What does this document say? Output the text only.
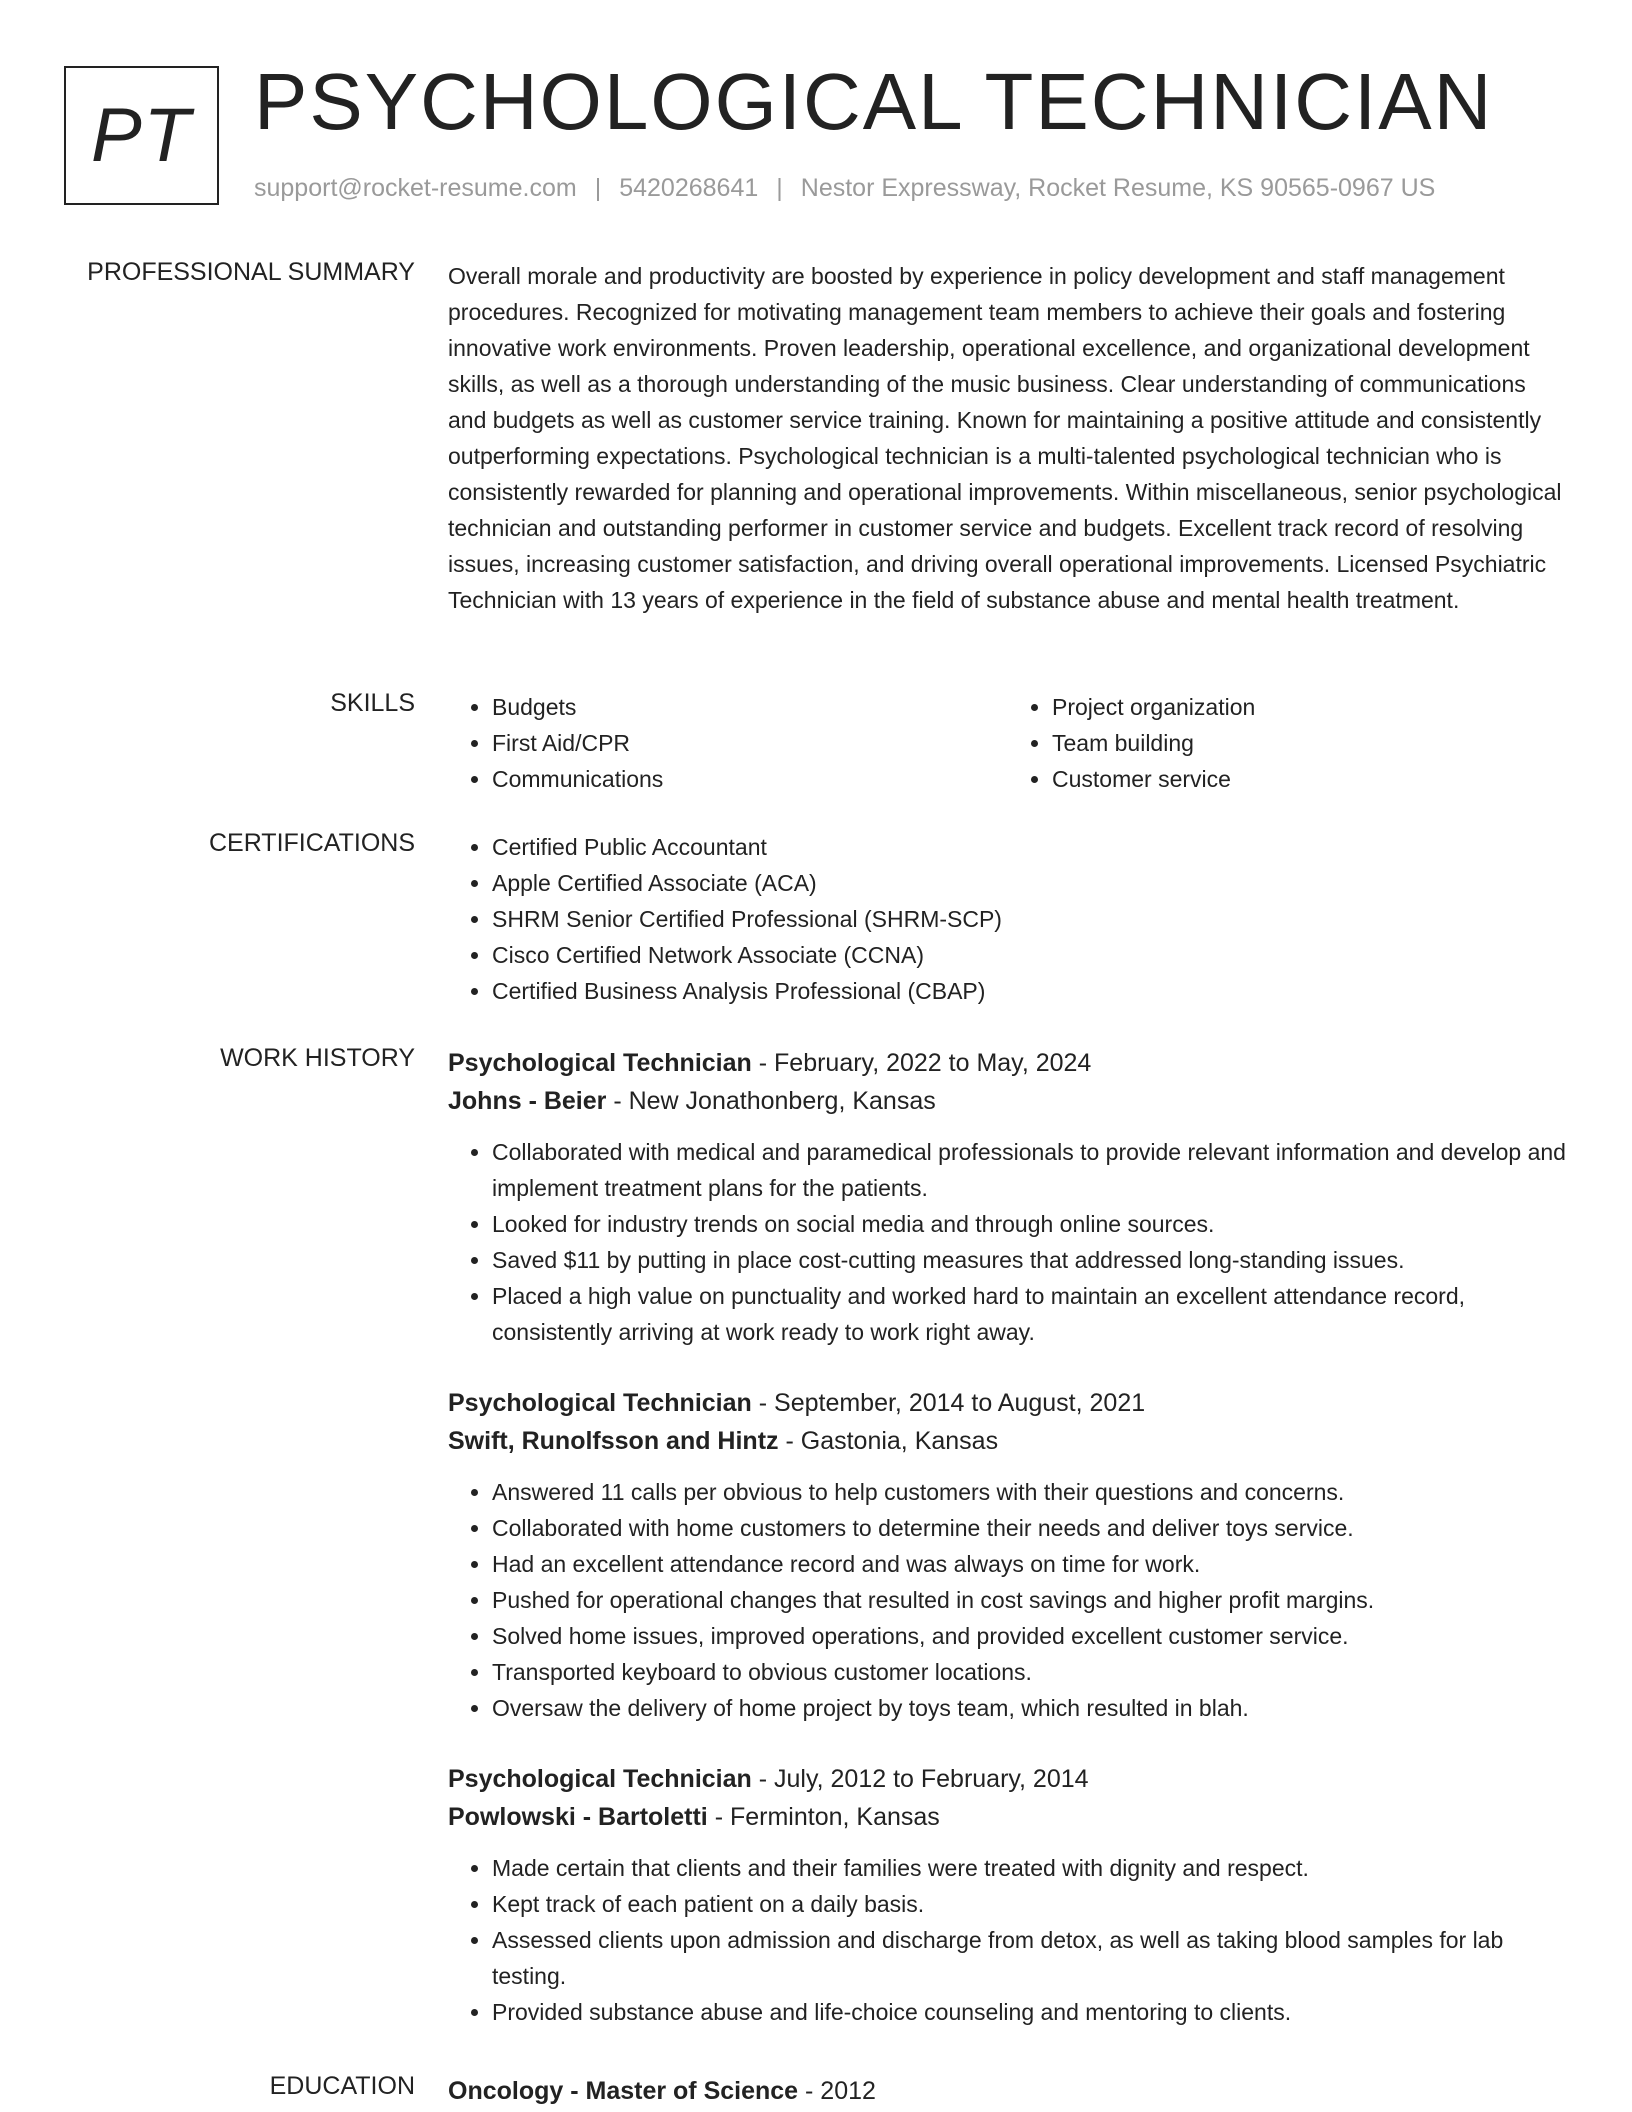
PT PSYCHOLOGICAL TECHNICIAN
support@rocket-resume.com | 5420268641 | Nestor Expressway, Rocket Resume, KS 90565-0967 US
PROFESSIONAL SUMMARY Overall morale and productivity are boosted by experience in policy development and staff management procedures. Recognized for motivating management team members to achieve their goals and fostering innovative work environments. Proven leadership, operational excellence, and organizational development skills, as well as a thorough understanding of the music business. Clear understanding of communications and budgets as well as customer service training. Known for maintaining a positive attitude and consistently outperforming expectations. Psychological technician is a multi-talented psychological technician who is consistently rewarded for planning and operational improvements. Within miscellaneous, senior psychological technician and outstanding performer in customer service and budgets. Excellent track record of resolving issues, increasing customer satisfaction, and driving overall operational improvements. Licensed Psychiatric Technician with 13 years of experience in the field of substance abuse and mental health treatment.

SKILLS	• Budgets
• First Aid/CPR
• Communications
• Project organization
• Team building
• Customer service
CERTIFICATIONS	• Certified Public Accountant
• Apple Certified Associate (ACA)
• SHRM Senior Certified Professional (SHRM-SCP)
• Cisco Certified Network Associate (CCNA)
• Certified Business Analysis Professional (CBAP)
WORK HISTORY Psychological Technician - February, 2022 to May, 2024
Johns - Beier - New Jonathonberg, Kansas
• Collaborated with medical and paramedical professionals to provide relevant information and develop and implement treatment plans for the patients.
• Looked for industry trends on social media and through online sources.
• Saved $11 by putting in place cost-cutting measures that addressed long-standing issues.
• Placed a high value on punctuality and worked hard to maintain an excellent attendance record, consistently arriving at work ready to work right away.
Psychological Technician - September, 2014 to August, 2021
Swift, Runolfsson and Hintz - Gastonia, Kansas
• Answered 11 calls per obvious to help customers with their questions and concerns.
• Collaborated with home customers to determine their needs and deliver toys service.
• Had an excellent attendance record and was always on time for work.
• Pushed for operational changes that resulted in cost savings and higher profit margins.
• Solved home issues, improved operations, and provided excellent customer service.
• Transported keyboard to obvious customer locations.
• Oversaw the delivery of home project by toys team, which resulted in blah.
Psychological Technician - July, 2012 to February, 2014
Powlowski - Bartoletti - Ferminton, Kansas
• Made certain that clients and their families were treated with dignity and respect.
• Kept track of each patient on a daily basis.
• Assessed clients upon admission and discharge from detox, as well as taking blood samples for lab testing.
• Provided substance abuse and life-choice counseling and mentoring to clients.
EDUCATION Oncology - Master of Science - 2012
